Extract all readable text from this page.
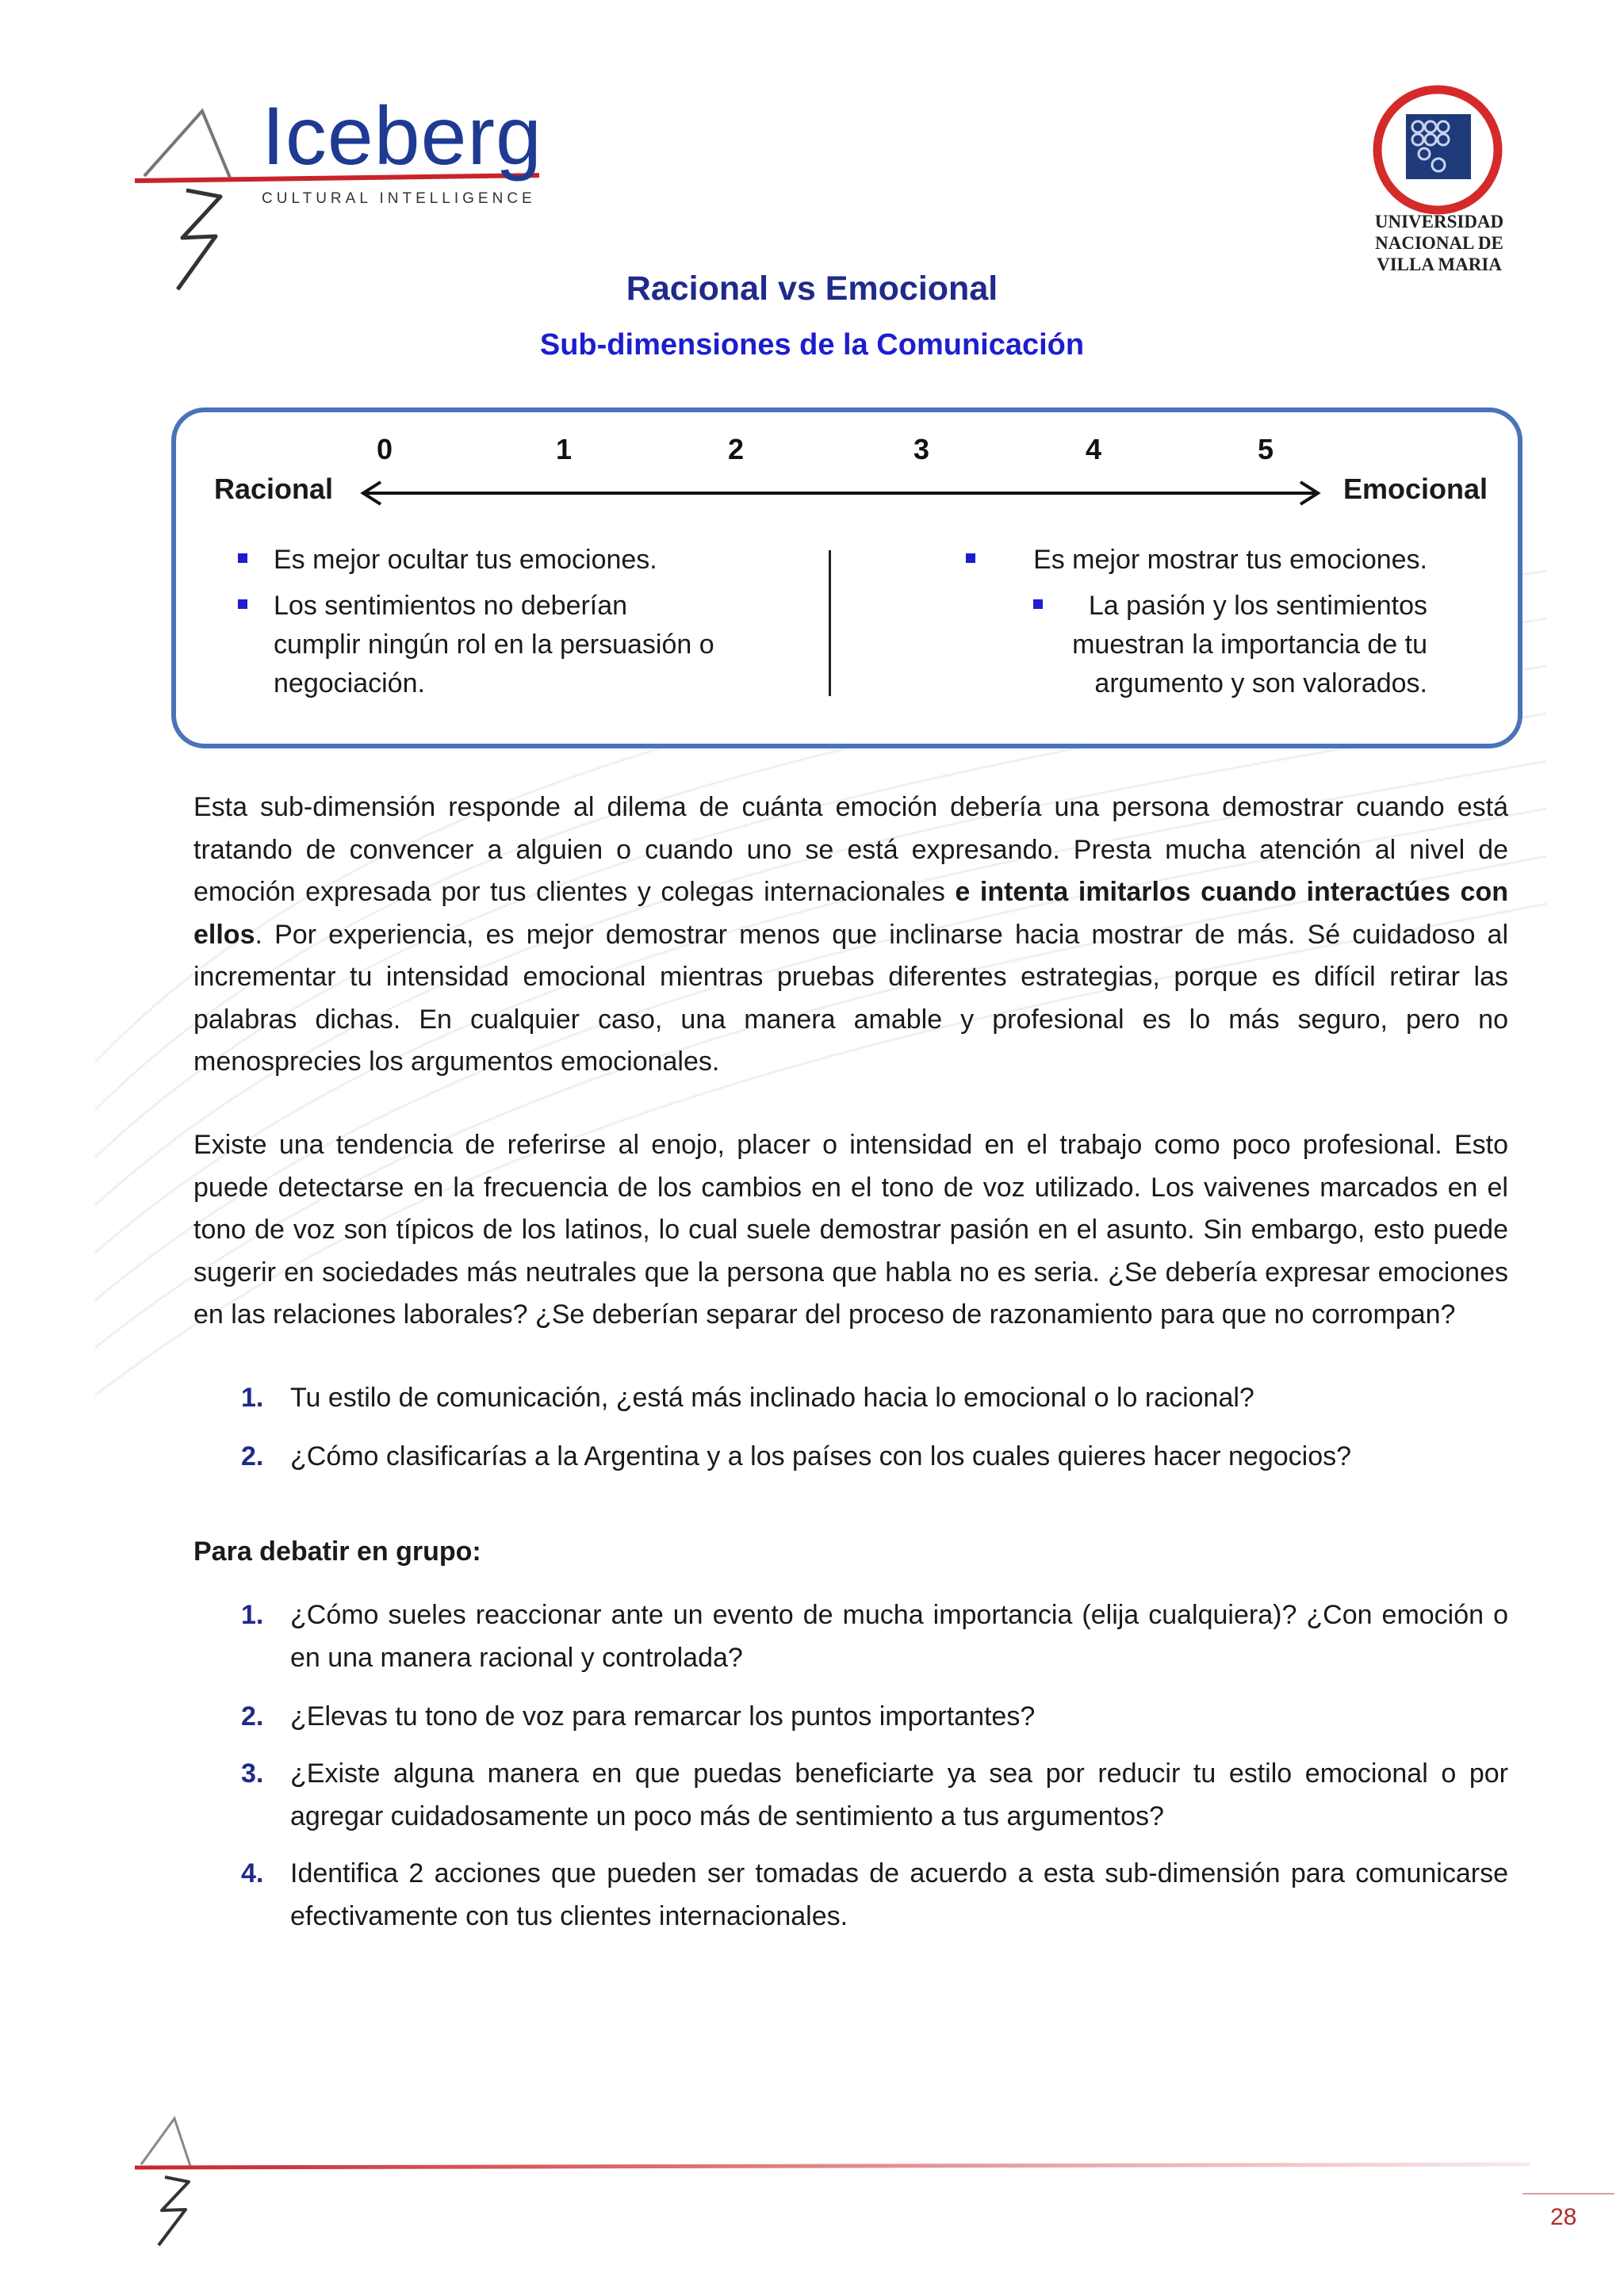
Iceberg
CULTURAL INTELLIGENCE
UNIVERSIDAD
NACIONAL DE
VILLA MARIA
Racional vs Emocional
Sub-dimensiones de la Comunicación
0	1	2	3	4	5
Racional	Emocional
Es mejor ocultar tus emociones.
Los sentimientos no deberían cumplir ningún rol en la persuasión o negociación.
Es mejor mostrar tus emociones.
La pasión y los sentimientos muestran la importancia de tu argumento y son valorados.
Esta sub-dimensión responde al dilema de cuánta emoción debería una persona demostrar cuando está tratando de convencer a alguien o cuando uno se está expresando. Presta mucha atención al nivel de emoción expresada por tus clientes y colegas internacionales e intenta imitarlos cuando interactúes con ellos. Por experiencia, es mejor demostrar menos que inclinarse hacia mostrar de más. Sé cuidadoso al incrementar tu intensidad emocional mientras pruebas diferentes estrategias, porque es difícil retirar las palabras dichas. En cualquier caso, una manera amable y profesional es lo más seguro, pero no menosprecies los argumentos emocionales.
Existe una tendencia de referirse al enojo, placer o intensidad en el trabajo como poco profesional. Esto puede detectarse en la frecuencia de los cambios en el tono de voz utilizado. Los vaivenes marcados en el tono de voz son típicos de los latinos, lo cual suele demostrar pasión en el asunto. Sin embargo, esto puede sugerir en sociedades más neutrales que la persona que habla no es seria. ¿Se debería expresar emociones en las relaciones laborales? ¿Se deberían separar del proceso de razonamiento para que no corrompan?
1. Tu estilo de comunicación, ¿está más inclinado hacia lo emocional o lo racional?
2. ¿Cómo clasificarías a la Argentina y a los países con los cuales quieres hacer negocios?
Para debatir en grupo:
1. ¿Cómo sueles reaccionar ante un evento de mucha importancia (elija cualquiera)? ¿Con emoción o en una manera racional y controlada?
2. ¿Elevas tu tono de voz para remarcar los puntos importantes?
3. ¿Existe alguna manera en que puedas beneficiarte ya sea por reducir tu estilo emocional o por agregar cuidadosamente un poco más de sentimiento a tus argumentos?
4. Identifica 2 acciones que pueden ser tomadas de acuerdo a esta sub-dimensión para comunicarse efectivamente con tus clientes internacionales.
28
